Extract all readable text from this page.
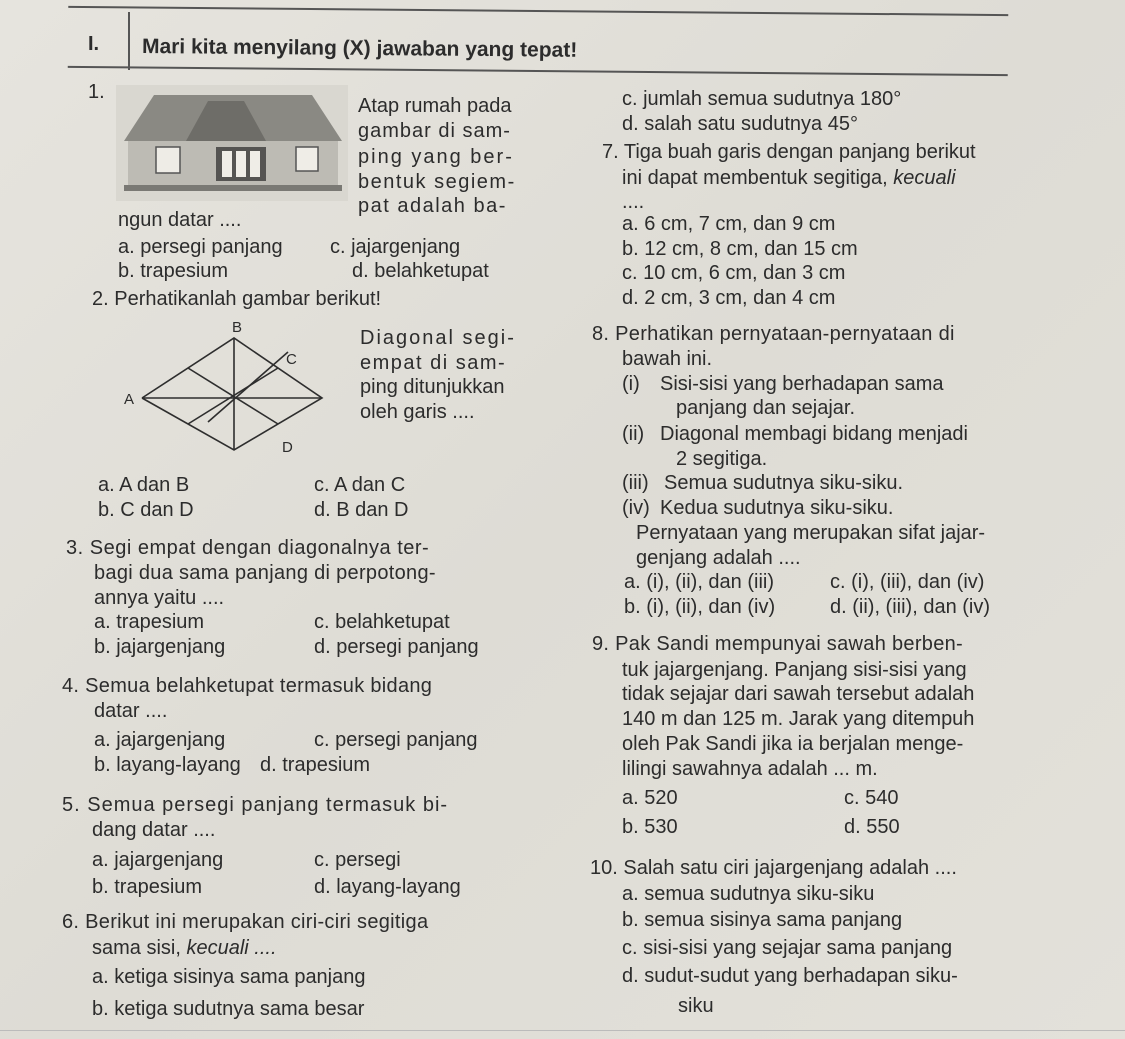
I. Mari kita menyilang (X) jawaban yang tepat!
1.
Atap rumah pada
gambar di sam-
ping yang ber-
bentuk segiem-
pat adalah ba-
ngun datar ....
a. persegi panjang c. jajargenjang
b. trapesium	d. belahketupat
2. Perhatikanlah gambar berikut!
B
C
A
D
Diagonal segi-
empat di sam-
ping ditunjukkan
oleh garis ....
a. A dan B	c. A dan C
b. C dan D	d. B dan D
3. Segi empat dengan diagonalnya ter-
bagi dua sama panjang di perpotong-
annya yaitu ....
a. trapesium	c. belahketupat
b. jajargenjang	d. persegi panjang
4. Semua belahketupat termasuk bidang
datar ....
a. jajargenjang	c. persegi panjang
b. layang-layang d. trapesium
5. Semua persegi panjang termasuk bi-
dang datar ....
a. jajargenjang	c. persegi
b. trapesium	d. layang-layang
6. Berikut ini merupakan ciri-ciri segitiga
sama sisi, kecuali ....
a. ketiga sisinya sama panjang
b. ketiga sudutnya sama besar
c. jumlah semua sudutnya 180°
d. salah satu sudutnya 45°
7. Tiga buah garis dengan panjang berikut
ini dapat membentuk segitiga, kecuali
....
a. 6 cm, 7 cm, dan 9 cm
b. 12 cm, 8 cm, dan 15 cm
c. 10 cm, 6 cm, dan 3 cm
d. 2 cm, 3 cm, dan 4 cm
8. Perhatikan pernyataan-pernyataan di
bawah ini.
(i) Sisi-sisi yang berhadapan sama
panjang dan sejajar.
(ii) Diagonal membagi bidang menjadi
2 segitiga.
(iii) Semua sudutnya siku-siku.
(iv) Kedua sudutnya siku-siku.
Pernyataan yang merupakan sifat jajar-
genjang adalah ....
a. (i), (ii), dan (iii)	c. (i), (iii), dan (iv)
b. (i), (ii), dan (iv)	d. (ii), (iii), dan (iv)
9. Pak Sandi mempunyai sawah berben-
tuk jajargenjang. Panjang sisi-sisi yang
tidak sejajar dari sawah tersebut adalah
140 m dan 125 m. Jarak yang ditempuh
oleh Pak Sandi jika ia berjalan menge-
lilingi sawahnya adalah ... m.
a. 520	c. 540
b. 530	d. 550
10. Salah satu ciri jajargenjang adalah ....
a. semua sudutnya siku-siku
b. semua sisinya sama panjang
c. sisi-sisi yang sejajar sama panjang
d. sudut-sudut yang berhadapan siku-
siku
